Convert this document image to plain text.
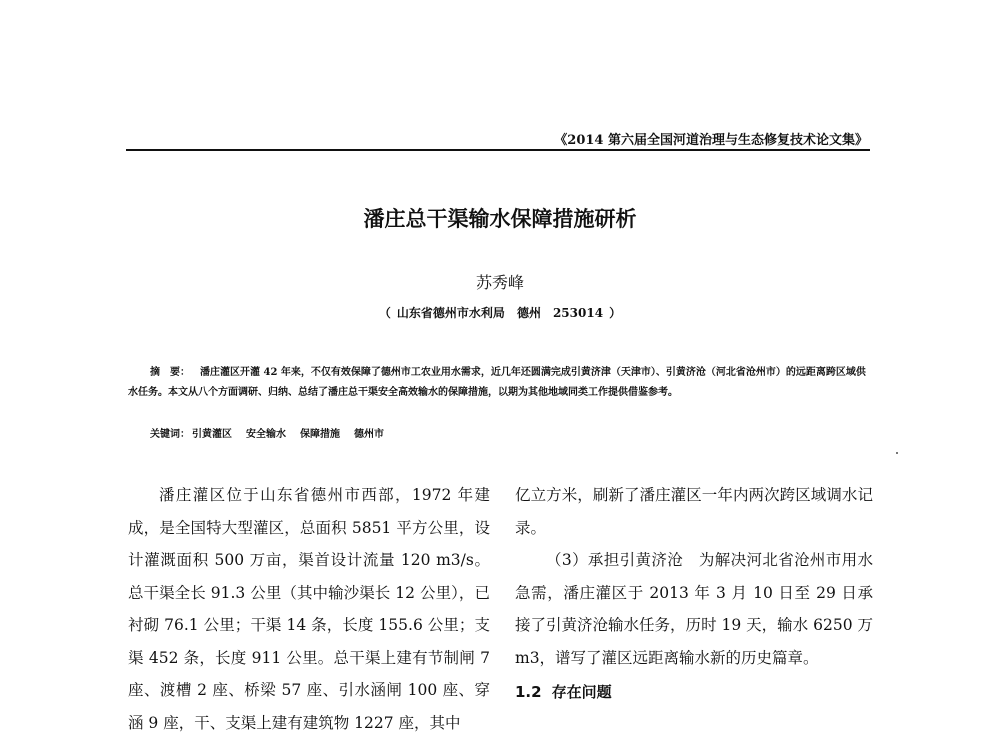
《2014 第六届全国河道治理与生态修复技术论文集》
潘庄总干渠输水保障措施研析
苏秀峰
（ 山东省德州市水利局 德州 253014 ）
摘　要： 潘庄灌区开灌 42 年来，不仅有效保障了德州市工农业用水需求，近几年还圆满完成引黄济津（天津市）、引黄济沧（河北省沧州市）的远距离跨区域供水任务。本文从八个方面调研、归纳、总结了潘庄总干渠安全高效输水的保障措施，以期为其他地域同类工作提供借鉴参考。
关键词： 引黄灌区 安全输水 保障措施 德州市

潘庄灌区位于山东省德州市西部，1972 年建成，是全国特大型灌区，总面积 5851 平方公里，设计灌溉面积 500 万亩，渠首设计流量 120 m3/s。总干渠全长 91.3 公里（其中输沙渠长 12 公里），已衬砌 76.1 公里；干渠 14 条，长度 155.6 公里；支渠 452 条，长度 911 公里。总干渠上建有节制闸 7 座、渡槽 2 座、桥梁 57 座、引水涵闸 100 座、穿涵 9 座，干、支渠上建有建筑物 1227 座，其中

亿立方米，刷新了潘庄灌区一年内两次跨区域调水记录。

（3）承担引黄济沧　为解决河北省沧州市用水急需，潘庄灌区于 2013 年 3 月 10 日至 29 日承接了引黄济沧输水任务，历时 19 天，输水 6250 万 m3，谱写了灌区远距离输水新的历史篇章。

1.2 存在问题
